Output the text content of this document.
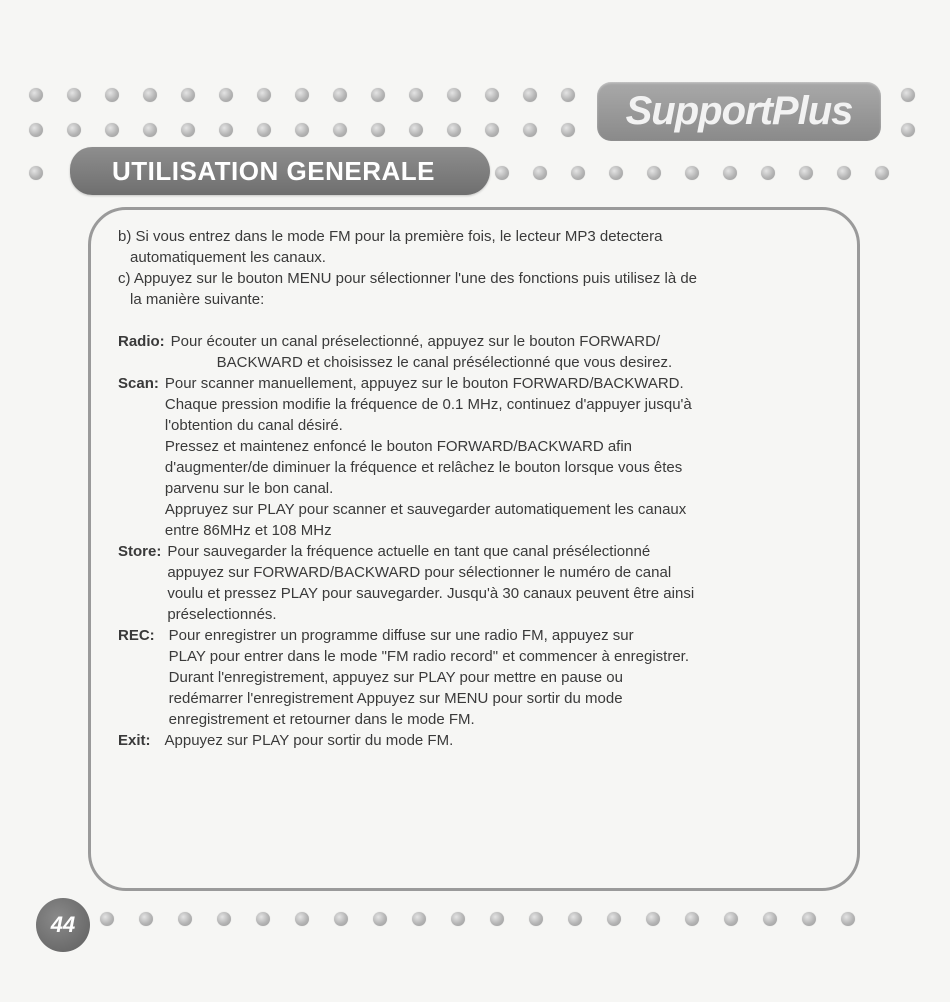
SupportPlus
UTILISATION GENERALE

b) Si vous entrez dans le mode FM pour la première fois, le lecteur MP3 detectera

automatiquement les canaux.

c) Appuyez sur le bouton MENU pour sélectionner l'une des fonctions puis utilisez là de

la manière suivante:

Radio: Pour écouter un canal préselectionné, appuyez sur le bouton FORWARD/

BACKWARD et choisissez le canal présélectionné que vous desirez.

Scan: Pour scanner manuellement, appuyez sur le bouton FORWARD/BACKWARD.

Chaque pression modifie la fréquence de 0.1 MHz, continuez d'appuyer jusqu'à

l'obtention du canal désiré.

Pressez et maintenez enfoncé le bouton FORWARD/BACKWARD afin

d'augmenter/de diminuer la fréquence et relâchez le bouton lorsque vous êtes

parvenu sur le bon canal.

Appruyez sur PLAY pour scanner et sauvegarder automatiquement les canaux

entre 86MHz et 108 MHz

Store: Pour sauvegarder la fréquence actuelle en tant que canal présélectionné

appuyez sur FORWARD/BACKWARD pour sélectionner le numéro de canal

voulu et pressez PLAY pour sauvegarder. Jusqu'à 30 canaux peuvent être ainsi

préselectionnés.

REC: Pour enregistrer un programme diffuse sur une radio FM, appuyez sur

PLAY pour entrer dans le mode "FM radio record" et commencer à enregistrer.

Durant l'enregistrement, appuyez sur PLAY pour mettre en pause ou

redémarrer l'enregistrement Appuyez sur MENU pour sortir du mode

enregistrement et retourner dans le mode FM.

Exit: Appuyez sur PLAY pour sortir du mode FM.

44
